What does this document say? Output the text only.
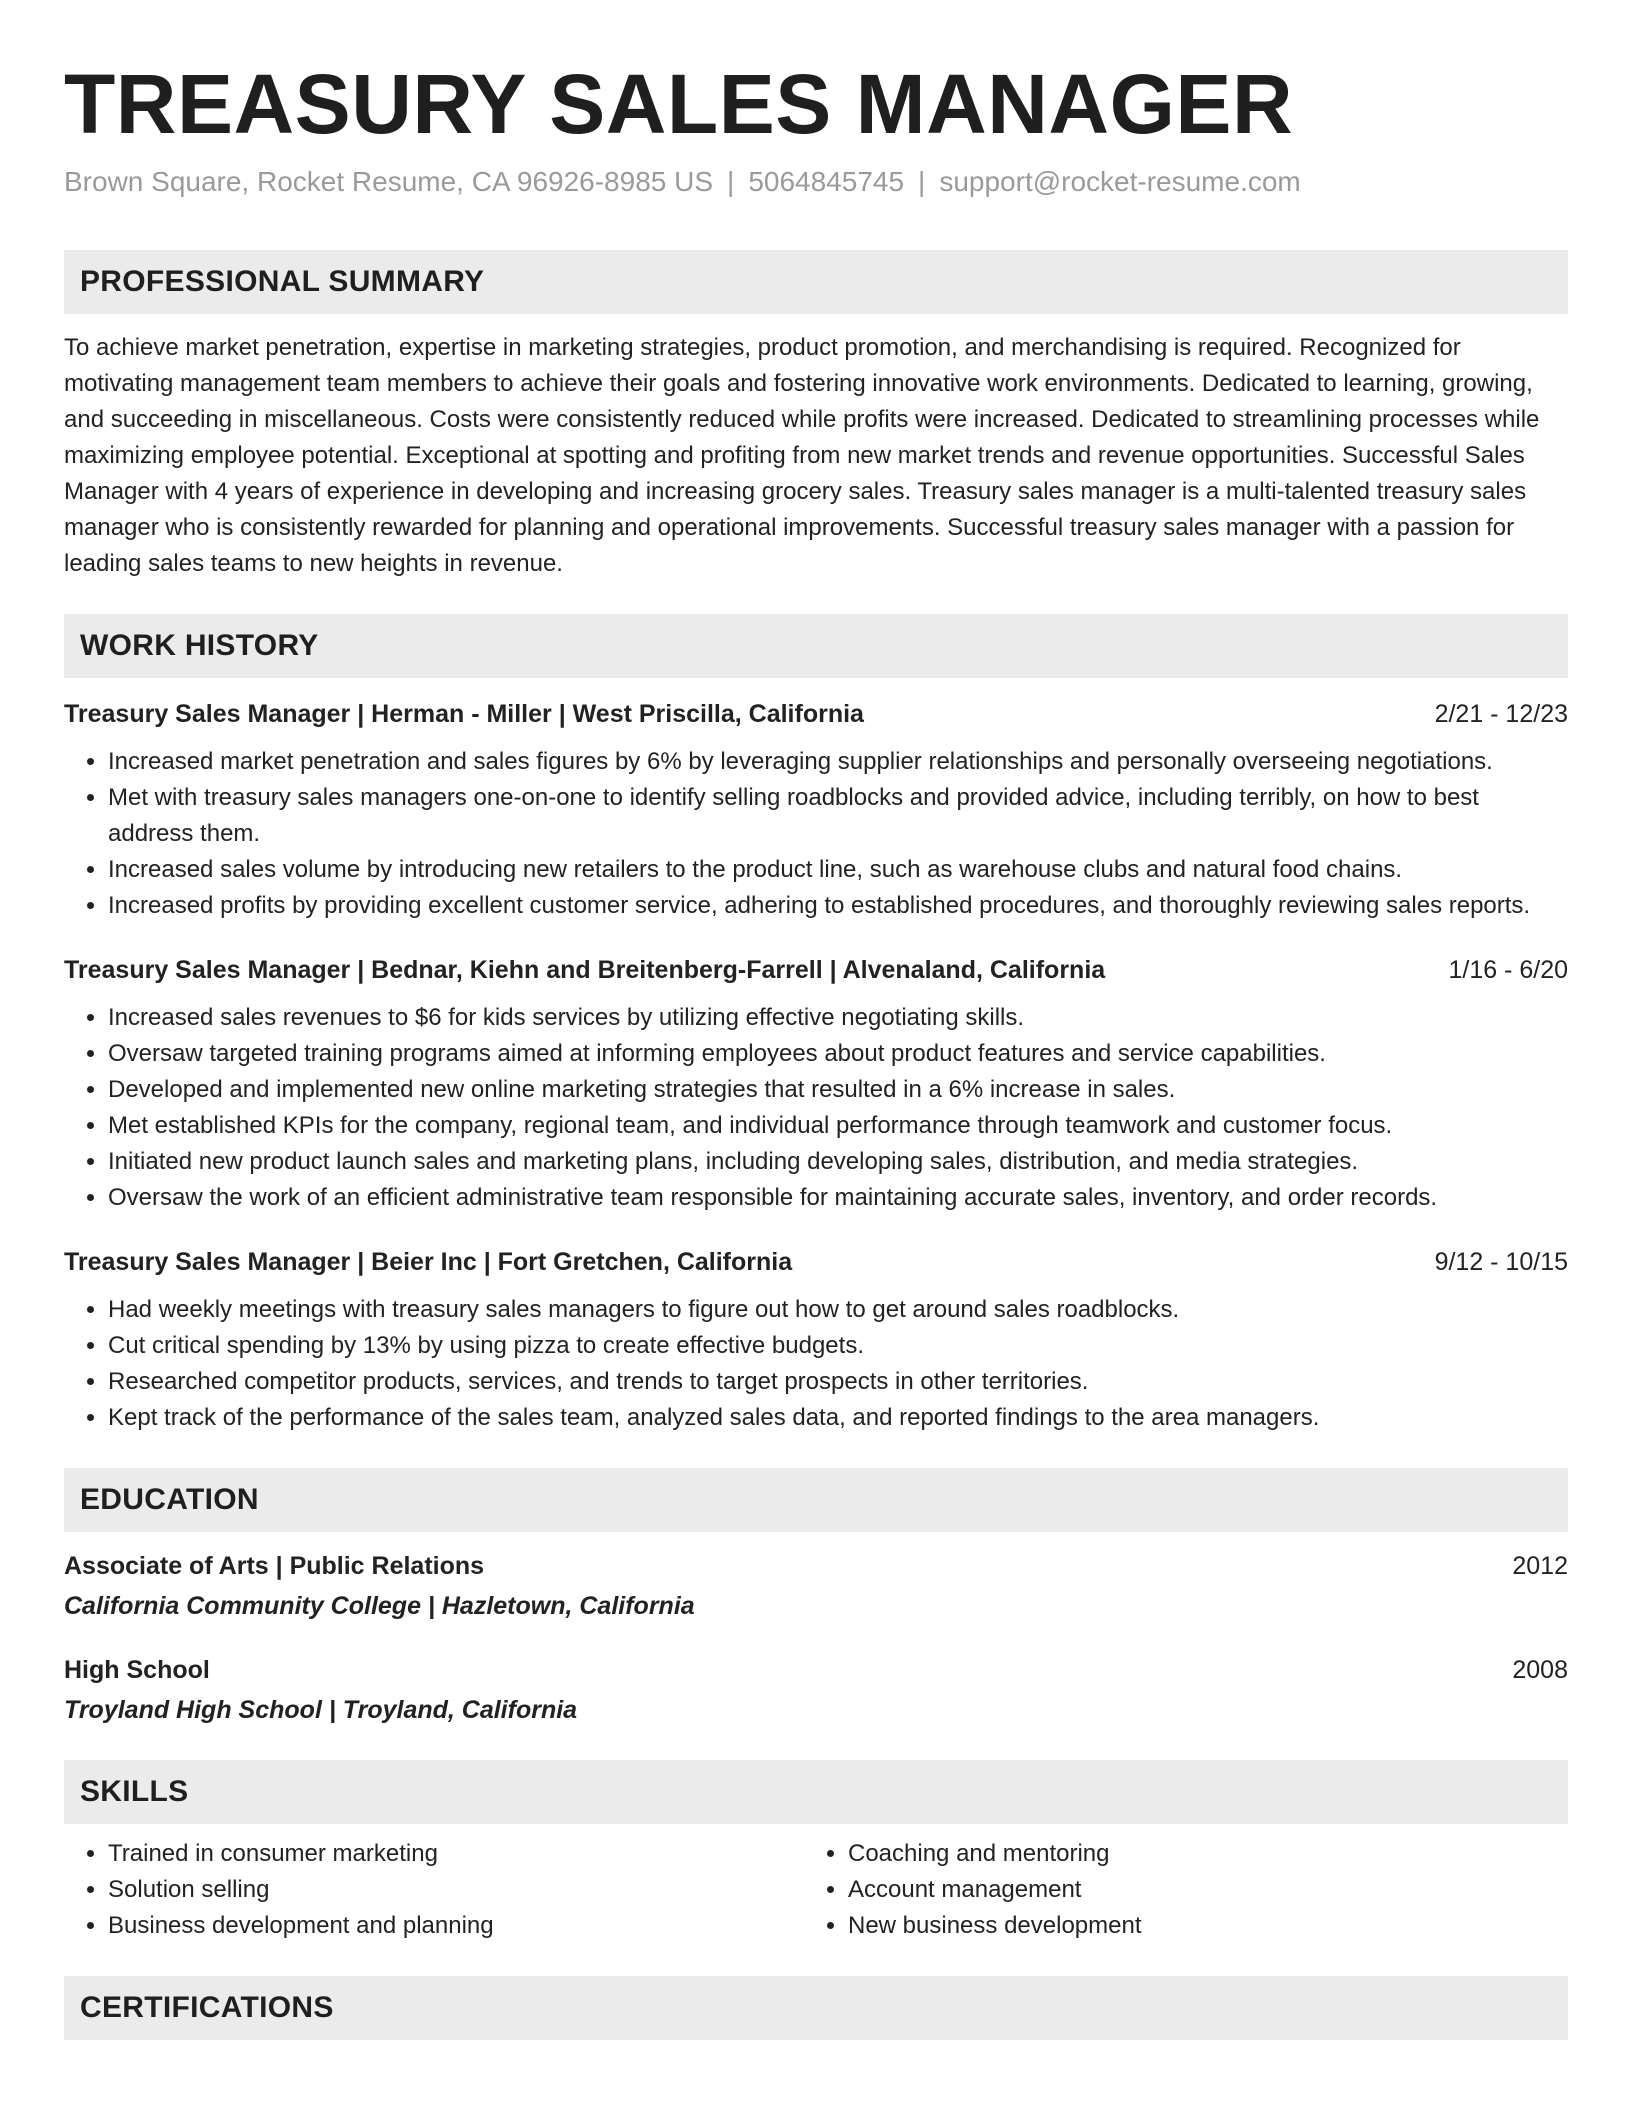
TREASURY SALES MANAGER
Brown Square, Rocket Resume, CA 96926-8985 US | 5064845745 | support@rocket-resume.com
PROFESSIONAL SUMMARY
To achieve market penetration, expertise in marketing strategies, product promotion, and merchandising is required. Recognized for motivating management team members to achieve their goals and fostering innovative work environments. Dedicated to learning, growing, and succeeding in miscellaneous. Costs were consistently reduced while profits were increased. Dedicated to streamlining processes while maximizing employee potential. Exceptional at spotting and profiting from new market trends and revenue opportunities. Successful Sales Manager with 4 years of experience in developing and increasing grocery sales. Treasury sales manager is a multi-talented treasury sales manager who is consistently rewarded for planning and operational improvements. Successful treasury sales manager with a passion for leading sales teams to new heights in revenue.
WORK HISTORY
Treasury Sales Manager | Herman - Miller | West Priscilla, California	2/21 - 12/23
• Increased market penetration and sales figures by 6% by leveraging supplier relationships and personally overseeing negotiations.
• Met with treasury sales managers one-on-one to identify selling roadblocks and provided advice, including terribly, on how to best address them.
• Increased sales volume by introducing new retailers to the product line, such as warehouse clubs and natural food chains.
• Increased profits by providing excellent customer service, adhering to established procedures, and thoroughly reviewing sales reports.
Treasury Sales Manager | Bednar, Kiehn and Breitenberg-Farrell | Alvenaland, California	1/16 - 6/20
• Increased sales revenues to $6 for kids services by utilizing effective negotiating skills.
• Oversaw targeted training programs aimed at informing employees about product features and service capabilities.
• Developed and implemented new online marketing strategies that resulted in a 6% increase in sales.
• Met established KPIs for the company, regional team, and individual performance through teamwork and customer focus.
• Initiated new product launch sales and marketing plans, including developing sales, distribution, and media strategies.
• Oversaw the work of an efficient administrative team responsible for maintaining accurate sales, inventory, and order records.
Treasury Sales Manager | Beier Inc | Fort Gretchen, California	9/12 - 10/15
• Had weekly meetings with treasury sales managers to figure out how to get around sales roadblocks.
• Cut critical spending by 13% by using pizza to create effective budgets.
• Researched competitor products, services, and trends to target prospects in other territories.
• Kept track of the performance of the sales team, analyzed sales data, and reported findings to the area managers.
EDUCATION
Associate of Arts | Public Relations	2012
California Community College | Hazletown, California
High School	2008
Troyland High School | Troyland, California
SKILLS
• Trained in consumer marketing
• Solution selling
• Business development and planning
• Coaching and mentoring
• Account management
• New business development
CERTIFICATIONS
